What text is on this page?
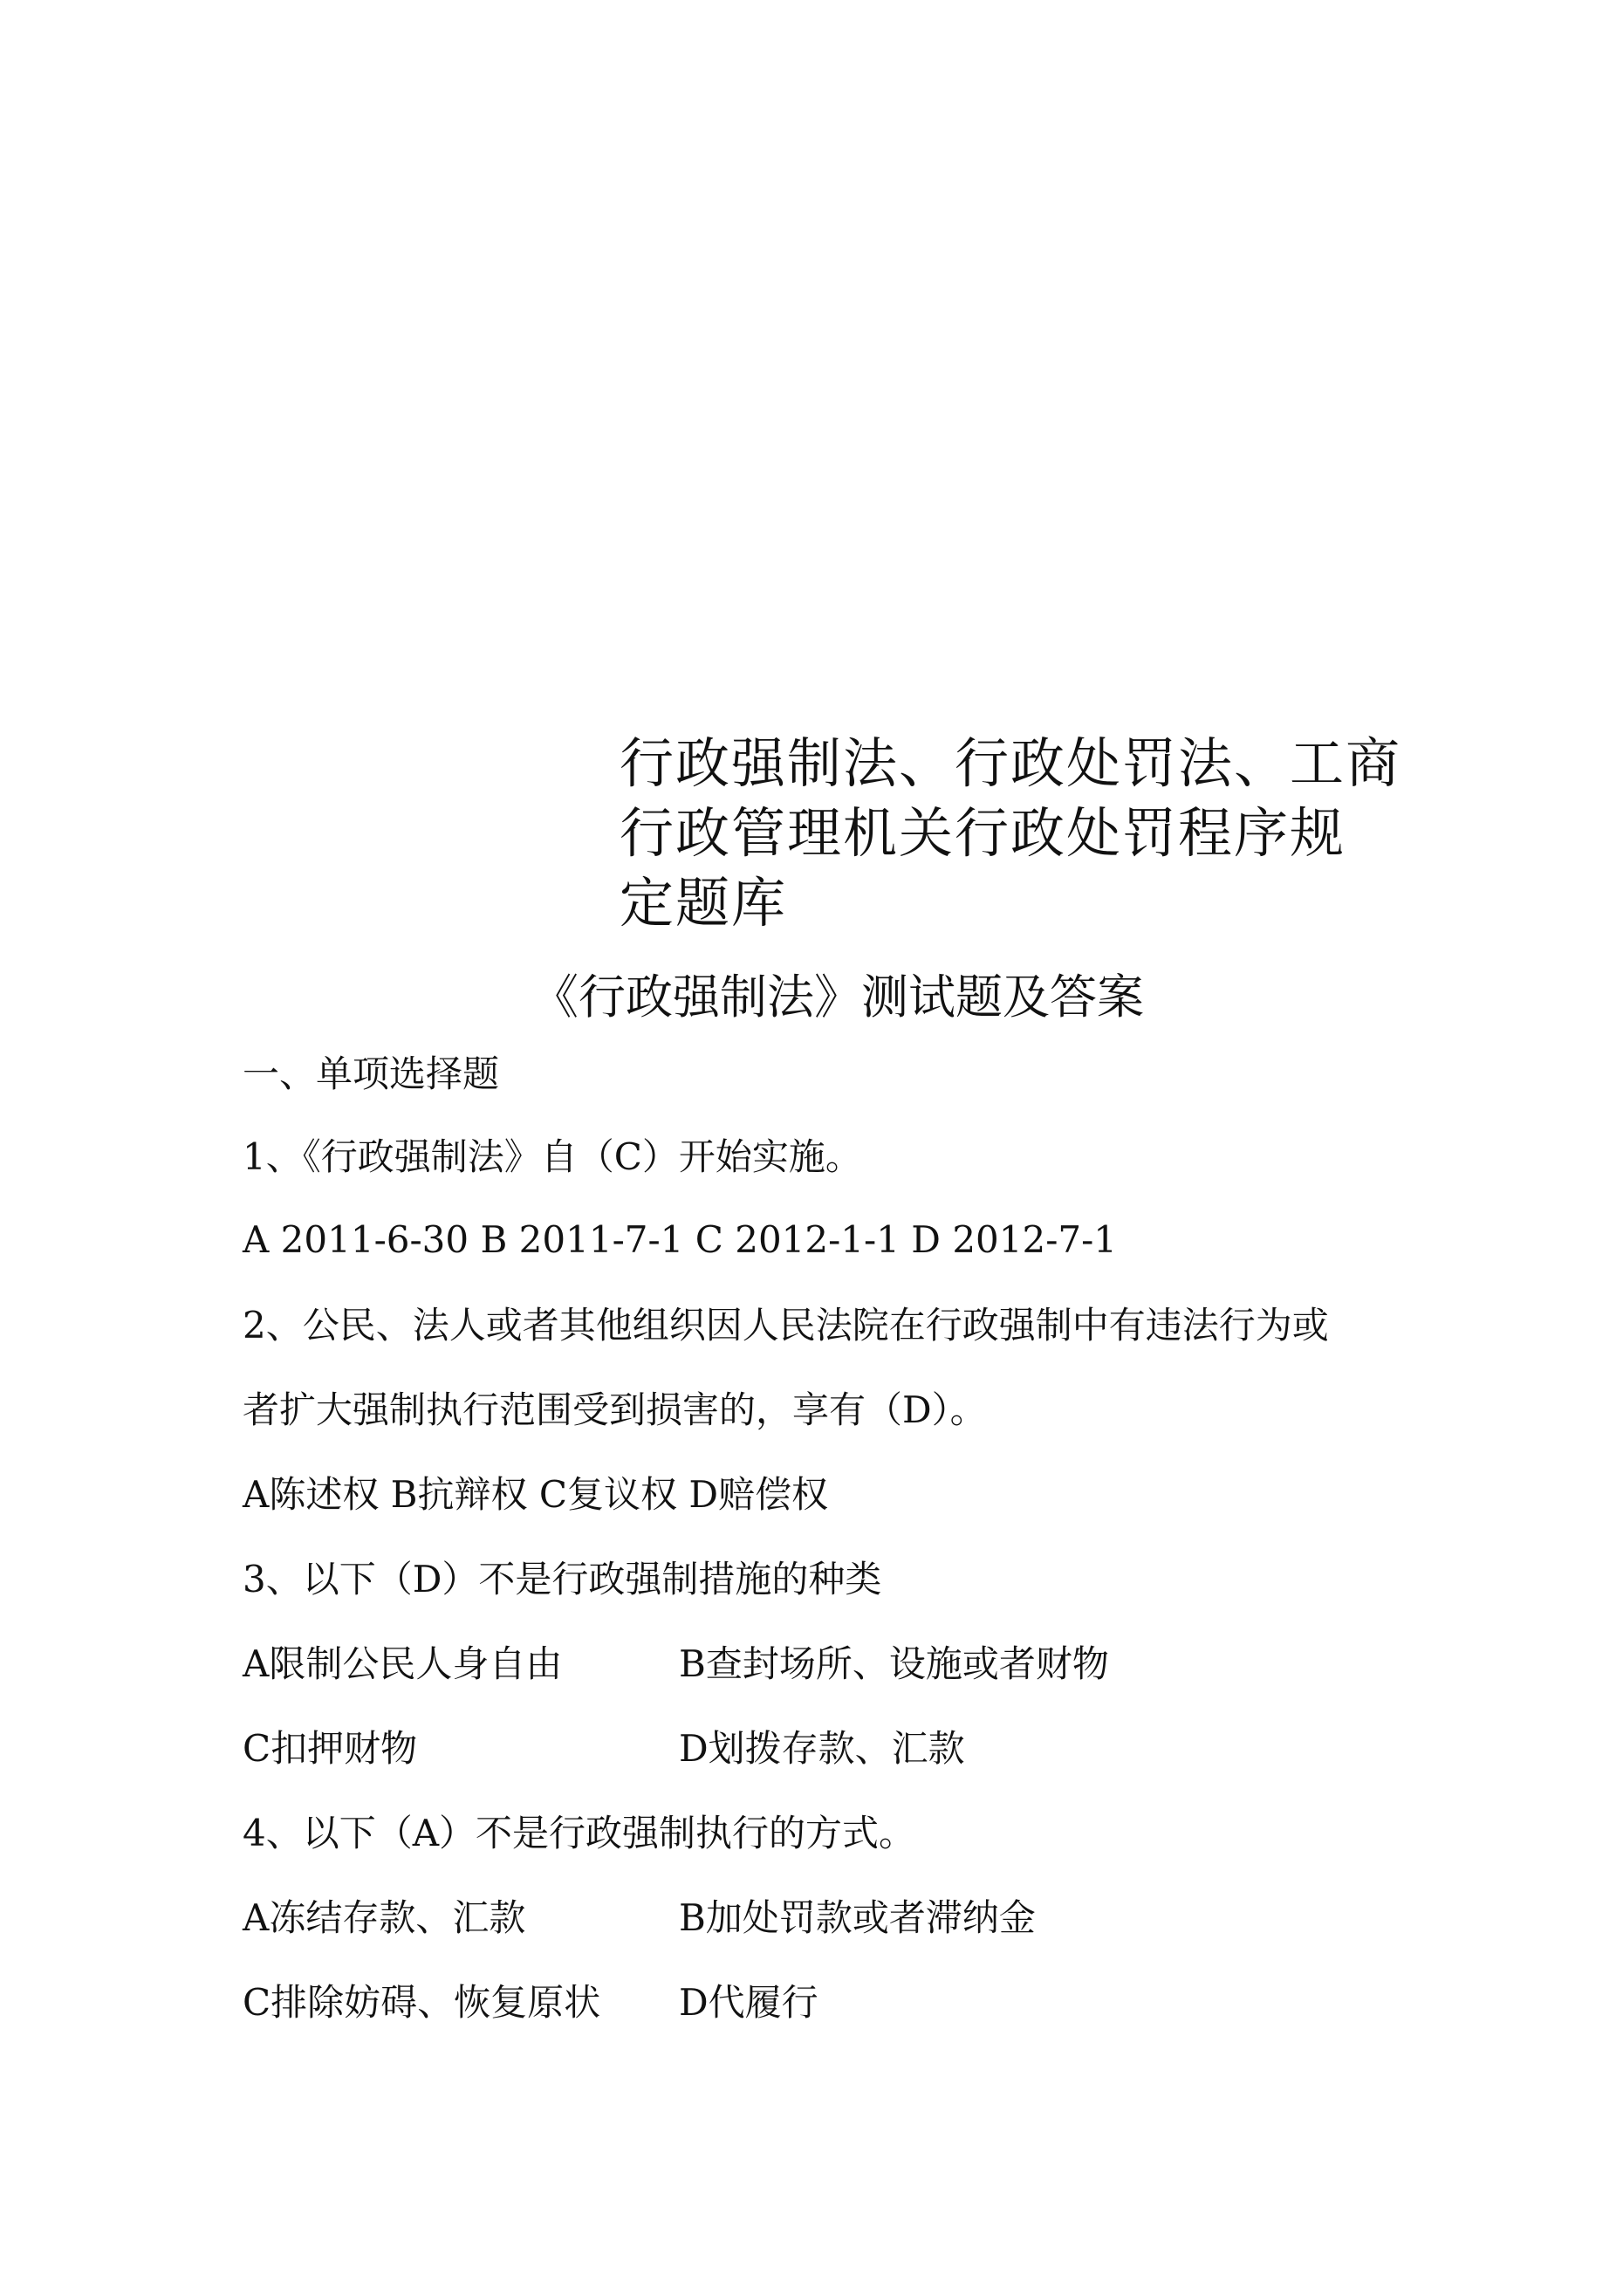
行政强制法、行政处罚法、工商
行政管理机关行政处罚程序规
定题库
《行政强制法》测试题及答案
一、单项选择题
1、《行政强制法》自（C）开始实施。
A 2011-6-30 B 2011-7-1 C 2012-1-1 D 2012-7-1
2、公民、法人或者其他组织因人民法院在行政强制中有违法行为或
者扩大强制执行范围受到损害的，享有（D）。
A陈述权 B抗辩权 C复议权 D赔偿权
3、以下（D）不是行政强制措施的种类
A限制公民人身自由	B查封场所、设施或者财物
C扣押财物	D划拨存款、汇款
4、以下（A）不是行政强制执行的方式。
A冻结存款、汇款	B加处罚款或者滞纳金
C排除妨碍、恢复原状 D代履行
